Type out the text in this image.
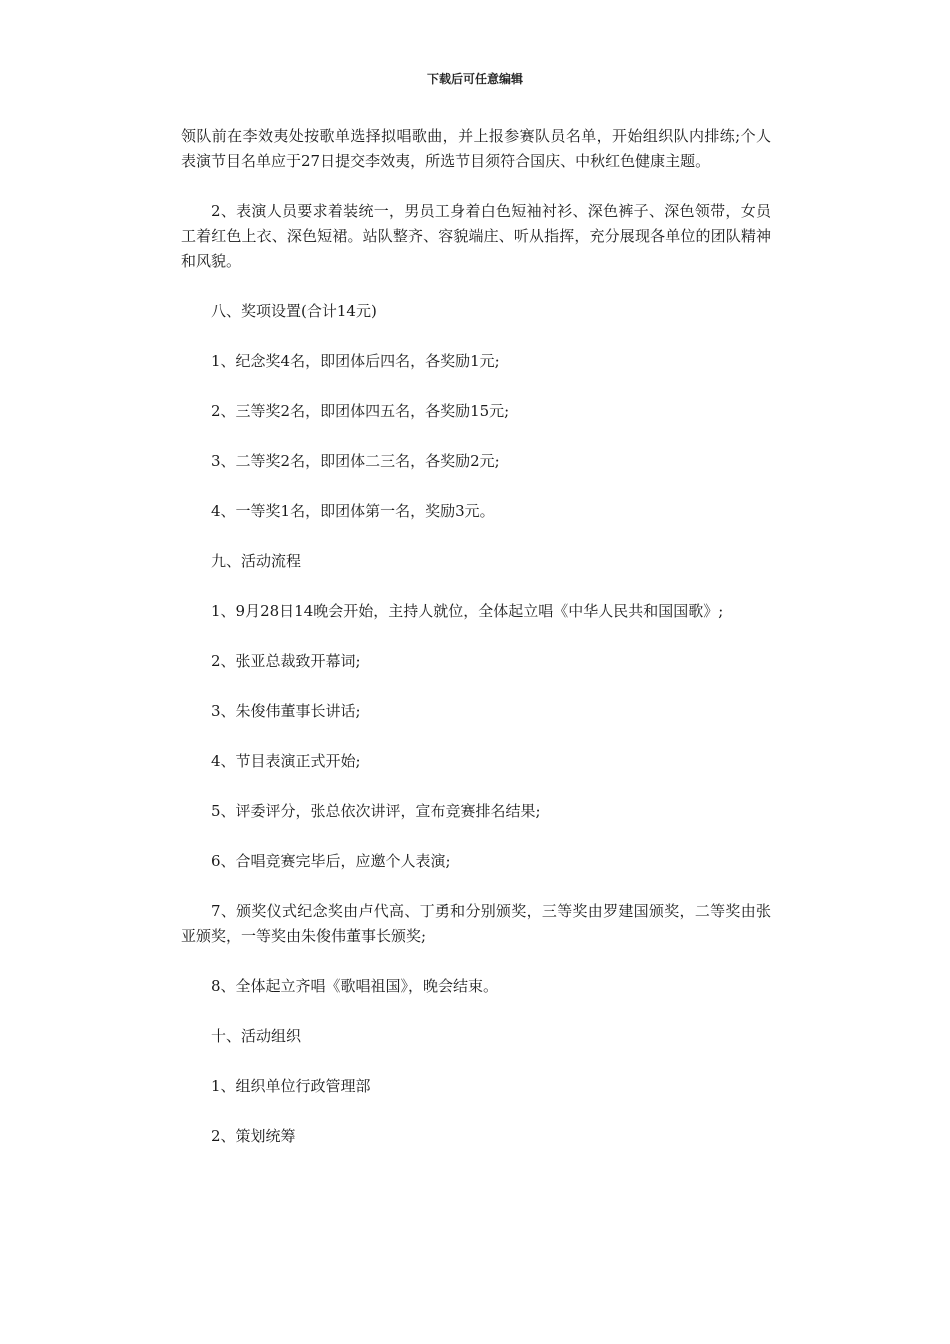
下载后可任意编辑

领队前在李效夷处按歌单选择拟唱歌曲，并上报参赛队员名单，开始组织队内排练;个人表演节目名单应于27日提交李效夷，所选节目须符合国庆、中秋红色健康主题。

2、表演人员要求着装统一，男员工身着白色短袖衬衫、深色裤子、深色领带，女员工着红色上衣、深色短裙。站队整齐、容貌端庄、听从指挥，充分展现各单位的团队精神和风貌。

八、奖项设置(合计14元)

1、纪念奖4名，即团体后四名，各奖励1元;

2、三等奖2名，即团体四五名，各奖励15元;

3、二等奖2名，即团体二三名，各奖励2元;

4、一等奖1名，即团体第一名，奖励3元。

九、活动流程

1、9月28日14晚会开始，主持人就位，全体起立唱《中华人民共和国国歌》;

2、张亚总裁致开幕词;

3、朱俊伟董事长讲话;

4、节目表演正式开始;

5、评委评分，张总依次讲评，宣布竞赛排名结果;

6、合唱竞赛完毕后，应邀个人表演;

7、颁奖仪式纪念奖由卢代高、丁勇和分别颁奖，三等奖由罗建国颁奖，二等奖由张亚颁奖，一等奖由朱俊伟董事长颁奖;

8、全体起立齐唱《歌唱祖国》，晚会结束。

十、活动组织

1、组织单位行政管理部

2、策划统筹
